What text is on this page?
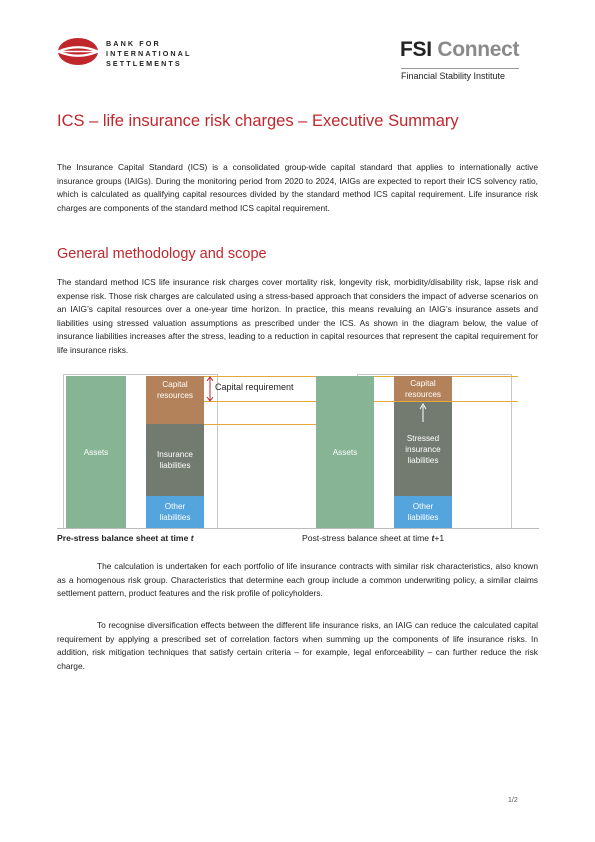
BANK FOR
INTERNATIONAL
SETTLEMENTS
FSI Connect
Financial Stability Institute
ICS – life insurance risk charges – Executive Summary

The Insurance Capital Standard (ICS) is a consolidated group-wide capital standard that applies to internationally active insurance groups (IAIGs). During the monitoring period from 2020 to 2024, IAIGs are expected to report their ICS solvency ratio, which is calculated as qualifying capital resources divided by the standard method ICS capital requirement. Life insurance risk charges are components of the standard method ICS capital requirement.

General methodology and scope

The standard method ICS life insurance risk charges cover mortality risk, longevity risk, morbidity/disability risk, lapse risk and expense risk. Those risk charges are calculated using a stress-based approach that considers the impact of adverse scenarios on an IAIG’s capital resources over a one-year time horizon. In practice, this means revaluing an IAIG’s insurance assets and liabilities using stressed valuation assumptions as prescribed under the ICS. As shown in the diagram below, the value of insurance liabilities increases after the stress, leading to a reduction in capital resources that represent the capital requirement for life insurance risks.

Assets
Capital resources
Insurance liabilities
Other liabilities
Capital requirement
Assets
Capital resources
Stressed insurance liabilities
Other liabilities
Pre-stress balance sheet at time t	Post-stress balance sheet at time t+1

The calculation is undertaken for each portfolio of life insurance contracts with similar risk characteristics, also known as a homogenous risk group. Characteristics that determine each group include a common underwriting policy, a similar claims settlement pattern, product features and the risk profile of policyholders.

To recognise diversification effects between the different life insurance risks, an IAIG can reduce the calculated capital requirement by applying a prescribed set of correlation factors when summing up the components of life insurance risks. In addition, risk mitigation techniques that satisfy certain criteria – for example, legal enforceability – can further reduce the risk charge.

1/2
